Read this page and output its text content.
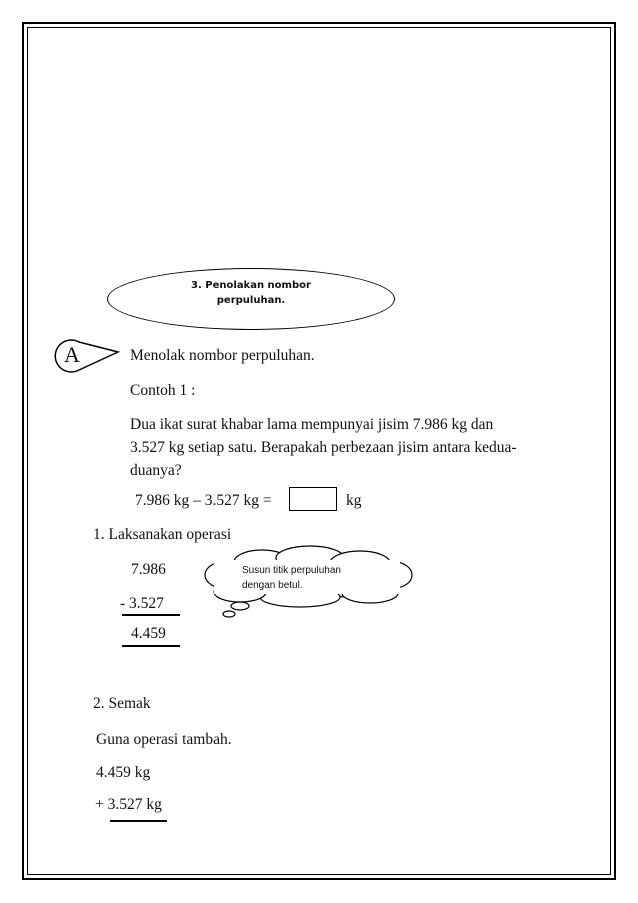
3. Penolakan nombor
perpuluhan.
A	Menolak nombor perpuluhan.
Contoh 1 :
Dua ikat surat khabar lama mempunyai jisim 7.986 kg dan
3.527 kg setiap satu. Berapakah perbezaan jisim antara kedua-
duanya?
7.986 kg – 3.527 kg =	kg
1. Laksanakan operasi
7.986	Susun titik perpuluhan
dengan betul.
- 3.527
4.459
2. Semak
Guna operasi tambah.
4.459 kg
+ 3.527 kg
